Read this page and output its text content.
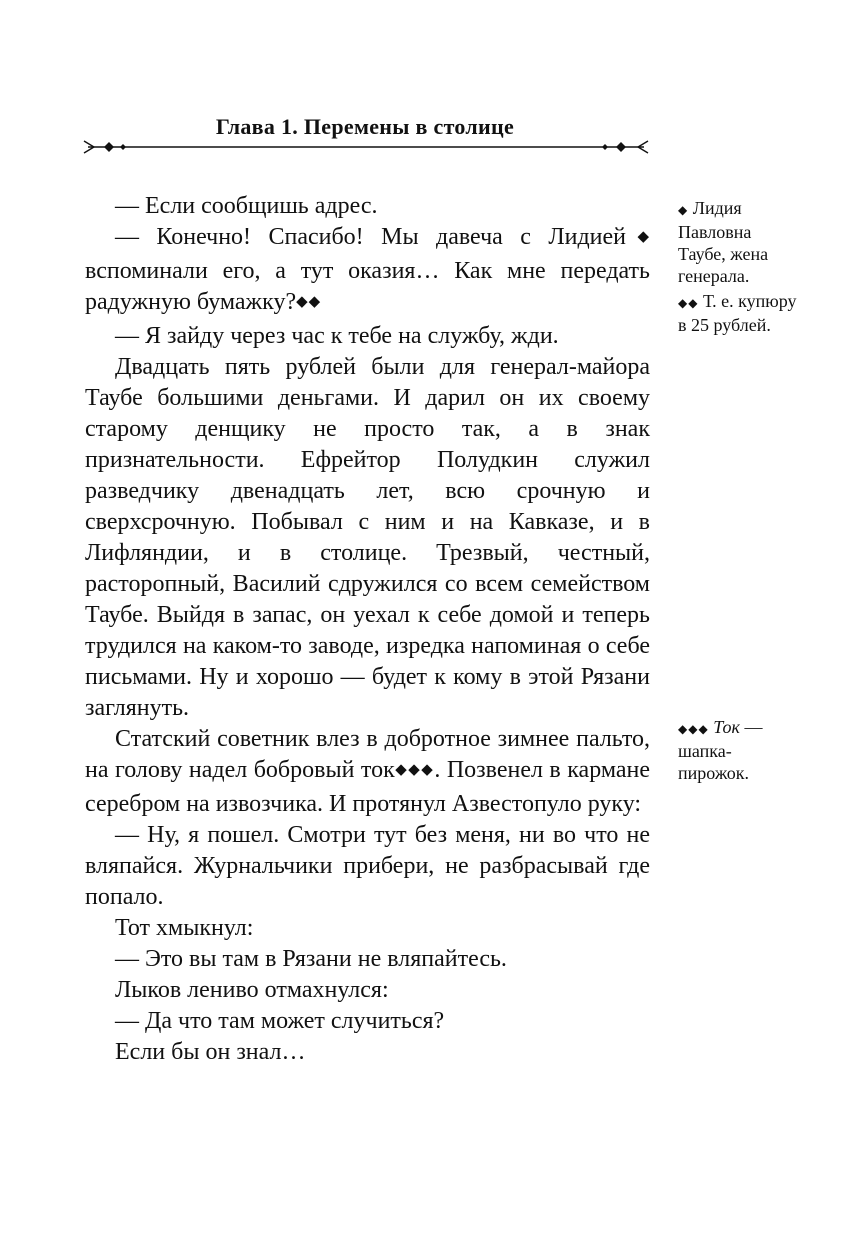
Глава 1. Перемены в столице

— Если сообщишь адрес.

— Конечно! Спасибо! Мы давеча с Лидией◆ вспоминали его, а тут оказия… Как мне передать радужную бумажку?◆◆

— Я зайду через час к тебе на службу, жди.

Двадцать пять рублей были для генерал-майора Таубе большими деньгами. И дарил он их своему старому денщику не просто так, а в знак признательности. Ефрейтор Полудкин служил разведчику двенадцать лет, всю срочную и сверхсрочную. Побывал с ним и на Кавказе, и в Лифляндии, и в столице. Трезвый, честный, расторопный, Василий сдружился со всем семейством Таубе. Выйдя в запас, он уехал к себе домой и теперь трудился на каком-то заводе, изредка напоминая о себе письмами. Ну и хорошо — будет к кому в этой Рязани заглянуть.

Статский советник влез в добротное зимнее пальто, на голову надел бобровый ток◆◆◆. Позвенел в кармане серебром на извозчика. И протянул Азвестопуло руку:

— Ну, я пошел. Смотри тут без меня, ни во что не вляпайся. Журнальчики прибери, не разбрасывай где попало.

Тот хмыкнул:

— Это вы там в Рязани не вляпайтесь.

Лыков лениво отмахнулся:

— Да что там может случиться?

Если бы он знал…

◆ Лидия Павловна Таубе, жена генерала.
◆◆ Т. е. купюру в 25 рублей.
◆◆◆ Ток — шапка-пирожок.
